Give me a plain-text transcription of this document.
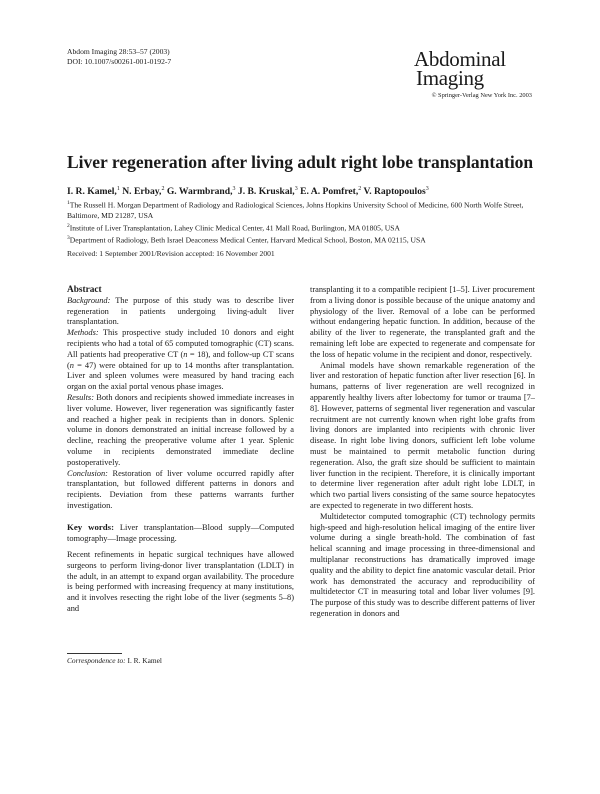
Abdom Imaging 28:53–57 (2003)
DOI: 10.1007/s00261-001-0192-7	Abdominal
Imaging
© Springer-Verlag New York Inc. 2003
Liver regeneration after living adult right lobe transplantation
I. R. Kamel,$^1$ N. Erbay,$^2$ G. Warmbrand,$^3$ J. B. Kruskal,$^3$ E. A. Pomfret,$^2$ V. Raptopoulos$^3$

$^1$The Russell H. Morgan Department of Radiology and Radiological Sciences, Johns Hopkins University School of Medicine, 600 North Wolfe Street, Baltimore, MD 21287, USA

$^2$Institute of Liver Transplantation, Lahey Clinic Medical Center, 41 Mall Road, Burlington, MA 01805, USA

$^3$Department of Radiology, Beth Israel Deaconess Medical Center, Harvard Medical School, Boston, MA 02115, USA

Received: 1 September 2001/Revision accepted: 16 November 2001
Abstract

Background: The purpose of this study was to describe liver regeneration in patients undergoing living-adult liver transplantation.

Methods: This prospective study included 10 donors and eight recipients who had a total of 65 computed tomographic (CT) scans. All patients had preoperative CT (n = 18), and follow-up CT scans (n = 47) were obtained for up to 14 months after transplantation. Liver and spleen volumes were measured by hand tracing each organ on the axial portal venous phase images.

Results: Both donors and recipients showed immediate increases in liver volume. However, liver regeneration was significantly faster and reached a higher peak in recipients than in donors. Splenic volume in donors demonstrated an initial increase followed by a decline, reaching the preoperative volume after 1 year. Splenic volume in recipients demonstrated immediate decline postoperatively.

Conclusion: Restoration of liver volume occurred rapidly after transplantation, but followed different patterns in donors and recipients. Deviation from these patterns warrants further investigation.

Key words: Liver transplantation—Blood supply—Computed tomography—Image processing.

Recent refinements in hepatic surgical techniques have allowed surgeons to perform living-donor liver transplantation (LDLT) in the adult, in an attempt to expand organ availability. The procedure is being performed with increasing frequency at many institutions, and it involves resecting the right lobe of the liver (segments 5–8) and

Correspondence to: I. R. Kamel

transplanting it to a compatible recipient [1–5]. Liver procurement from a living donor is possible because of the unique anatomy and physiology of the liver. Removal of a lobe can be performed without endangering hepatic function. In addition, because of the ability of the liver to regenerate, the transplanted graft and the remaining left lobe are expected to regenerate and compensate for the loss of hepatic volume in the recipient and donor, respectively.

Animal models have shown remarkable regeneration of the liver and restoration of hepatic function after liver resection [6]. In humans, patterns of liver regeneration are well recognized in apparently healthy livers after lobectomy for tumor or trauma [7–8]. However, patterns of segmental liver regeneration and vascular recruitment are not currently known when right lobe grafts from living donors are implanted into recipients with chronic liver disease. In right lobe living donors, sufficient left lobe volume must be maintained to permit metabolic function during regeneration. Also, the graft size should be sufficient to maintain liver function in the recipient. Therefore, it is clinically important to determine liver regeneration after adult right lobe LDLT, in which two partial livers consisting of the same source hepatocytes are expected to regenerate in two different hosts.

Multidetector computed tomographic (CT) technology permits high-speed and high-resolution helical imaging of the entire liver volume during a single breath-hold. The combination of fast helical scanning and image processing in three-dimensional and multiplanar reconstructions has dramatically improved image quality and the ability to depict fine anatomic vascular detail. Prior work has demonstrated the accuracy and reproducibility of multidetector CT in measuring total and lobar liver volumes [9]. The purpose of this study was to describe different patterns of liver regeneration in donors and
